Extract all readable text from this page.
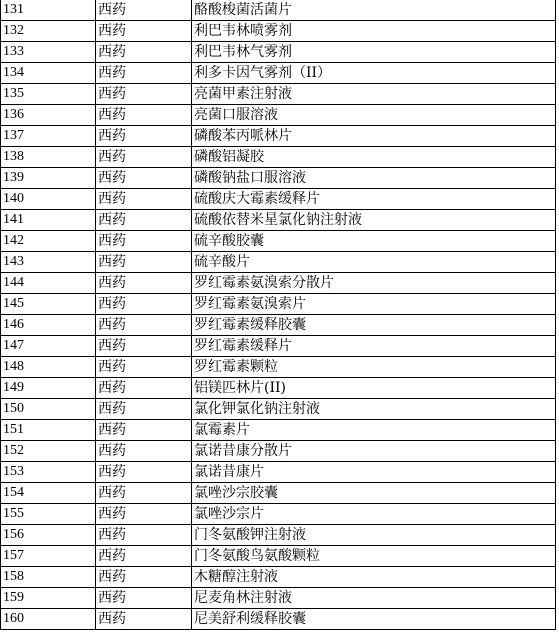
131	西药	酪酸梭菌活菌片
132	西药	利巴韦林喷雾剂
133	西药	利巴韦林气雾剂
134	西药	利多卡因气雾剂（II）
135	西药	亮菌甲素注射液
136	西药	亮菌口服溶液
137	西药	磷酸苯丙哌林片
138	西药	磷酸铝凝胶
139	西药	磷酸钠盐口服溶液
140	西药	硫酸庆大霉素缓释片
141	西药	硫酸依替米星氯化钠注射液
142	西药	硫辛酸胶囊
143	西药	硫辛酸片
144	西药	罗红霉素氨溴索分散片
145	西药	罗红霉素氨溴索片
146	西药	罗红霉素缓释胶囊
147	西药	罗红霉素缓释片
148	西药	罗红霉素颗粒
149	西药	铝镁匹林片(II)
150	西药	氯化钾氯化钠注射液
151	西药	氯霉素片
152	西药	氯诺昔康分散片
153	西药	氯诺昔康片
154	西药	氯唑沙宗胶囊
155	西药	氯唑沙宗片
156	西药	门冬氨酸钾注射液
157	西药	门冬氨酸鸟氨酸颗粒
158	西药	木糖醇注射液
159	西药	尼麦角林注射液
160	西药	尼美舒利缓释胶囊
